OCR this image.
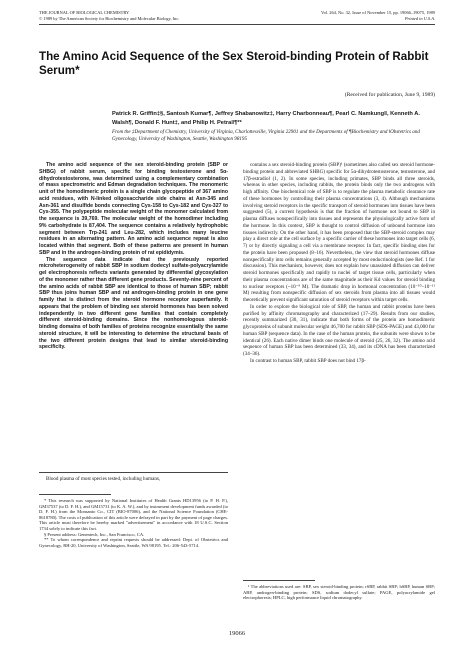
THE JOURNAL OF BIOLOGICAL CHEMISTRY
© 1989 by The American Society for Biochemistry and Molecular Biology, Inc.
Vol. 264, No. 32, Issue of November 15, pp. 19066–19075, 1989
Printed in U.S.A.
The Amino Acid Sequence of the Sex Steroid-binding Protein of Rabbit Serum*
(Received for publication, June 9, 1989)
Patrick R. Griffin‡§, Santosh Kumar¶, Jeffrey Shabanowitz‡, Harry Charbonneau¶, Pearl C. Namkung‖, Kenneth A. Walsh¶, Donald F. Hunt‡, and Philip H. Petra‖¶**
From the ‡Department of Chemistry, University of Virginia, Charlottesville, Virginia 22901 and the Departments of ¶Biochemistry and ‖Obstetrics and Gynecology, University of Washington, Seattle, Washington 98195

The amino acid sequence of the sex steroid-binding protein (SBP or SHBG) of rabbit serum, specific for binding testosterone and 5α-dihydrotestosterone, was determined using a complementary combination of mass spectrometric and Edman degradation techniques. The monomeric unit of the homodimeric protein is a single chain glycopeptide of 367 amino acid residues, with N-linked oligosaccharide side chains at Asn-345 and Asn-361 and disulfide bonds connecting Cys-158 to Cys-182 and Cys-327 to Cys-355. The polypeptide molecular weight of the monomer calculated from the sequence is 39,769. The molecular weight of the homodimer including 9% carbohydrate is 87,404. The sequence contains a relatively hydrophobic segment between Trp-241 and Leu-282, which includes many leucine residues in an alternating pattern. An amino acid sequence repeat is also located within that segment. Both of these patterns are present in human SBP and in the androgen-binding protein of rat epididymis.

The sequence data indicate that the previously reported microheterogeneity of rabbit SBP in sodium dodecyl sulfate-polyacrylamide gel electrophoresis reflects variants generated by differential glycosylation of the monomer rather than different gene products. Seventy-nine percent of the amino acids of rabbit SBP are identical to those of human SBP; rabbit SBP thus joins human SBP and rat androgen-binding protein in one gene family that is distinct from the steroid hormone receptor superfamily. It appears that the problem of binding sex steroid hormones has been solved independently in two different gene families that contain completely different steroid-binding domains. Since the nonhomologous steroid-binding domains of both families of proteins recognize essentially the same steroid structure, it will be interesting to determine the structural basis of the two different protein designs that lead to similar steroid-binding specificity.

Blood plasma of most species tested, including humans,

* This research was supported by National Institutes of Health Grants HD13956 (to P. H. P.), GM37537 (to D. F. H.), and GM15731 (to K. A. W.), and by instrument development funds awarded (to D. F. H.) from the Monsanto Co., CIT (BIO-87006), and the National Science Foundation (CHE-8618780). The costs of publication of this article were defrayed in part by the payment of page charges. This article must therefore be hereby marked "advertisement" in accordance with 18 U.S.C. Section 1734 solely to indicate this fact.

§ Present address: Genentech, Inc., San Francisco, CA.

** To whom correspondence and reprint requests should be addressed: Dept. of Obstetrics and Gynecology, RH-20, University of Washington, Seattle, WA 98195. Tel.: 206-543-5714.

contains a sex steroid-binding protein (SBP)¹ (sometimes also called sex steroid hormone-binding protein and abbreviated SHBG) specific for 5α-dihydrotestosterone, testosterone, and 17β-estradiol (1, 2). In some species, including primates, SBP binds all three steroids, whereas in other species, including rabbits, the protein binds only the two androgens with high affinity. One biochemical role of SBP is to regulate the plasma metabolic clearance rate of these hormones by controlling their plasma concentrations (3, 4). Although mechanisms involving steroid receptors in the specific transport of steroid hormones into tissues have been suggested (5), a current hypothesis is that the fraction of hormone not bound to SBP in plasma diffuses nonspecifically into tissues and represents the physiologically active form of the hormone. In this context, SBP is thought to control diffusion of unbound hormone into tissues indirectly. On the other hand, it has been proposed that the SBP-steroid complex may play a direct role at the cell surface by a specific carrier of these hormones into target cells (6, 7) or by directly signaling a cell via a membrane receptor. In fact, specific binding sites for the protein have been proposed (8–16). Nevertheless, the view that steroid hormones diffuse nonspecifically into cells remains generally accepted by most endocrinologists (see Ref. 1 for discussion). This mechanism, however, does not explain how unassisted diffusion can deliver steroid hormones specifically and rapidly to nuclei of target tissue cells, particularly when their plasma concentrations are of the same magnitude as their Kd values for steroid binding to nuclear receptors (~10⁻⁹ M). The dramatic drop in hormonal concentration (10⁻¹⁰–10⁻¹¹ M) resulting from nonspecific diffusion of sex steroids from plasma into all tissues would theoretically prevent significant saturation of steroid receptors within target cells.

In order to explore the biological role of SBP, the human and rabbit proteins have been purified by affinity chromatography and characterized (17–29). Results from our studies, recently summarized (30, 31), indicate that both forms of the protein are homodimeric glycoproteins of subunit molecular weight 46,700 for rabbit SBP (SDS-PAGE) and 43,000 for human SBP (sequence data). In the case of the human protein, the subunits were shown to be identical (26). Each native dimer binds one molecule of steroid (25, 26, 32). The amino acid sequence of human SBP has been determined (33, 34), and its cDNA has been characterized (34–36).

In contrast to human SBP, rabbit SBP does not bind 17β-

¹ The abbreviations used are: SBP, sex steroid-binding protein; rSBP, rabbit SBP; hSBP, human SBP; ABP, androgen-binding protein; SDS, sodium dodecyl sulfate; PAGE, polyacrylamide gel electrophoresis; HPLC, high performance liquid chromatography.

19066
